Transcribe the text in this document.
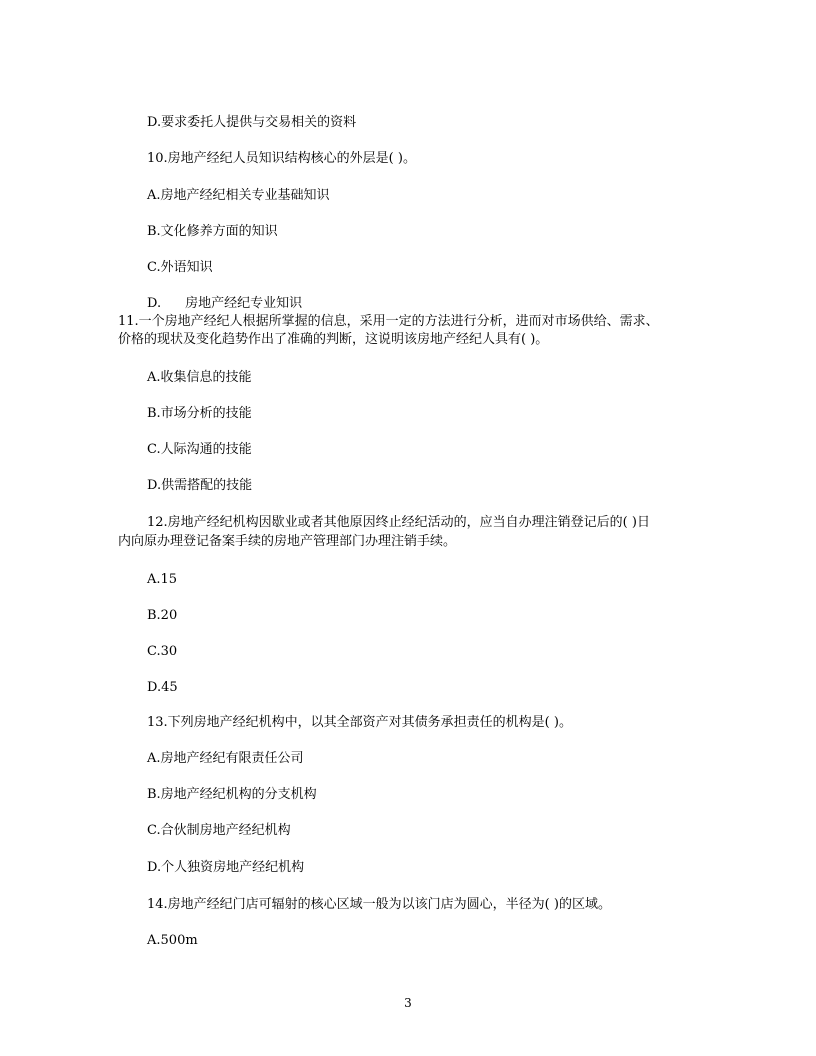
D.要求委托人提供与交易相关的资料
10.房地产经纪人员知识结构核心的外层是( )。
A.房地产经纪相关专业基础知识
B.文化修养方面的知识
C.外语知识
D. 房地产经纪专业知识
11.一个房地产经纪人根据所掌握的信息，采用一定的方法进行分析，进而对市场供给、需求、
价格的现状及变化趋势作出了准确的判断，这说明该房地产经纪人具有( )。
A.收集信息的技能
B.市场分析的技能
C.人际沟通的技能
D.供需搭配的技能
12.房地产经纪机构因歇业或者其他原因终止经纪活动的，应当自办理注销登记后的( )日
内向原办理登记备案手续的房地产管理部门办理注销手续。
A.15
B.20
C.30
D.45
13.下列房地产经纪机构中，以其全部资产对其债务承担责任的机构是( )。
A.房地产经纪有限责任公司
B.房地产经纪机构的分支机构
C.合伙制房地产经纪机构
D.个人独资房地产经纪机构
14.房地产经纪门店可辐射的核心区域一般为以该门店为圆心，半径为( )的区域。
A.500m
3
